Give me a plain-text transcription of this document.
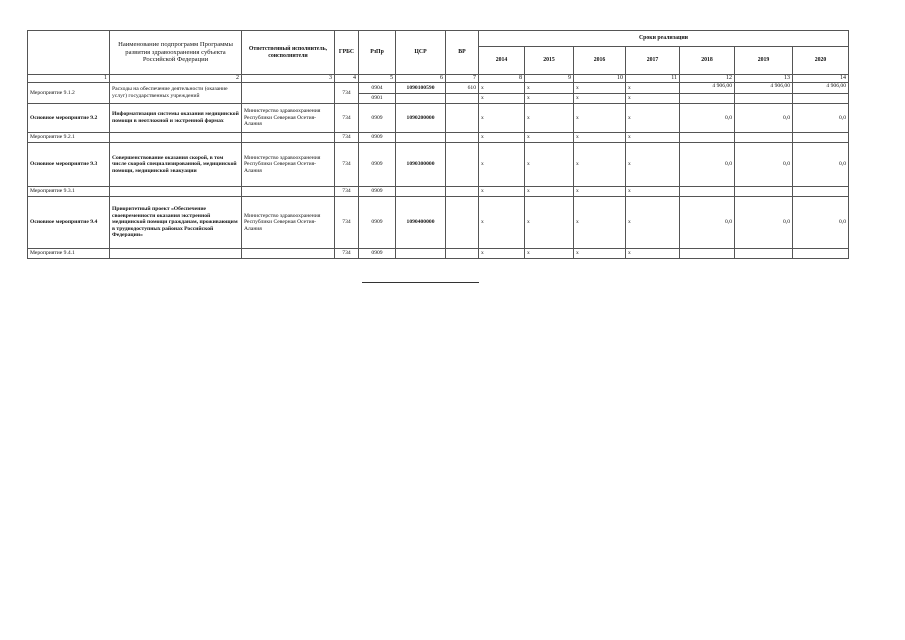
	Наименование подпрограмм Программы развития здравоохранения субъекта Российской Федерации	Ответственный исполнитель, соисполнители	ГРБС	РзПр	ЦСР	ВР	Сроки реализации						
							2014	2015	2016	2017	2018	2019	2020
1	2	3	4	5	6	7	8	9	10	11	12	13	14
Мероприятие 9.1.2	Расходы на обеспечение деятельности (оказание услуг) государственных учреждений		734	0904	1090100590	610	x	x	x	x	4 906,00	4 906,00	4 906,00
				0901			x	x	x	x			
Основное мероприятие 9.2	Информатизация системы оказания медицинской помощи в неотложной и экстренной формах	Министерство здравоохранения Республики Северная Осетия-Алания	734	0909	1090200000		x	x	x	x	0,0	0,0	0,0
Мероприятие 9.2.1			734	0909			x	x	x	x			
Основное мероприятие 9.3	Совершенствование оказания скорой, в том числе скорой специализированной, медицинской помощи, медицинской эвакуации	Министерство здравоохранения Республики Северная Осетия-Алания	734	0909	1090300000		x	x	x	x	0,0	0,0	0,0
Мероприятие 9.3.1			734	0909			x	x	x	x			
Основное мероприятие 9.4	Приоритетный проект «Обеспечение своевременности оказания экстренной медицинской помощи гражданам, проживающим в труднодоступных районах Российской Федерации»	Министерство здравоохранения Республики Северная Осетия-Алания	734	0909	1090400000		x	x	x	x	0,0	0,0	0,0
Мероприятие 9.4.1			734	0909			x	x	x	x			
